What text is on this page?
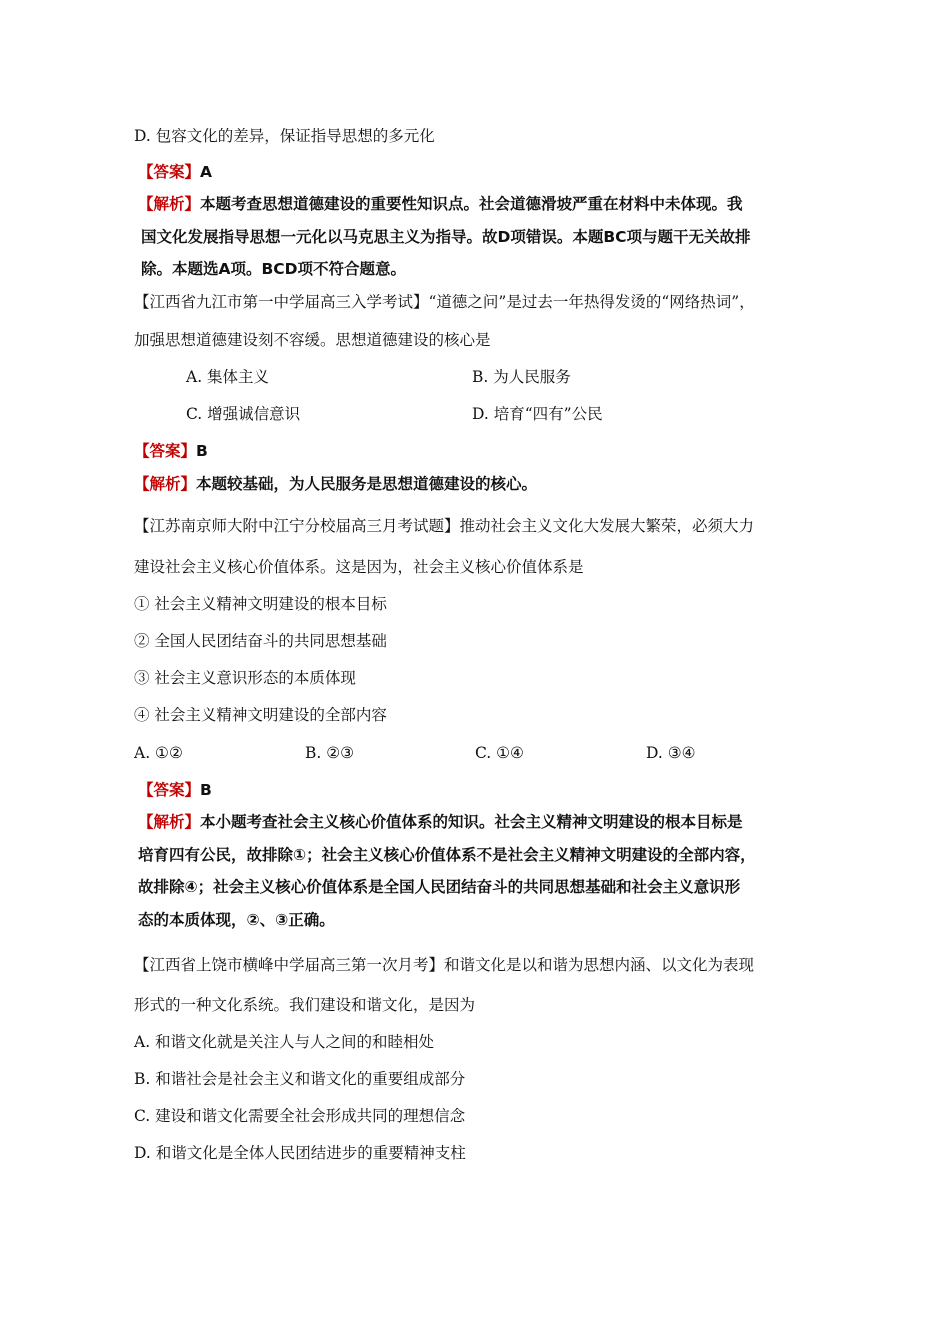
D. 包容文化的差异，保证指导思想的多元化
【答案】A
【解析】本题考查思想道德建设的重要性知识点。社会道德滑坡严重在材料中未体现。我
国文化发展指导思想一元化以马克思主义为指导。故D项错误。本题BC项与题干无关故排
除。本题选A项。BCD项不符合题意。
【江西省九江市第一中学届高三入学考试】“道德之问”是过去一年热得发烫的“网络热词”，
加强思想道德建设刻不容缓。思想道德建设的核心是
A. 集体主义	B. 为人民服务
C. 增强诚信意识	D. 培育“四有”公民
【答案】B
【解析】本题较基础，为人民服务是思想道德建设的核心。
【江苏南京师大附中江宁分校届高三月考试题】推动社会主义文化大发展大繁荣，必须大力
建设社会主义核心价值体系。这是因为，社会主义核心价值体系是
① 社会主义精神文明建设的根本目标
② 全国人民团结奋斗的共同思想基础
③ 社会主义意识形态的本质体现
④ 社会主义精神文明建设的全部内容
A. ①②	B. ②③	C. ①④	D. ③④
【答案】B
【解析】本小题考查社会主义核心价值体系的知识。社会主义精神文明建设的根本目标是
培育四有公民，故排除①；社会主义核心价值体系不是社会主义精神文明建设的全部内容，
故排除④；社会主义核心价值体系是全国人民团结奋斗的共同思想基础和社会主义意识形
态的本质体现，②、③正确。
【江西省上饶市横峰中学届高三第一次月考】和谐文化是以和谐为思想内涵、以文化为表现
形式的一种文化系统。我们建设和谐文化，是因为
A. 和谐文化就是关注人与人之间的和睦相处
B. 和谐社会是社会主义和谐文化的重要组成部分
C. 建设和谐文化需要全社会形成共同的理想信念
D. 和谐文化是全体人民团结进步的重要精神支柱
